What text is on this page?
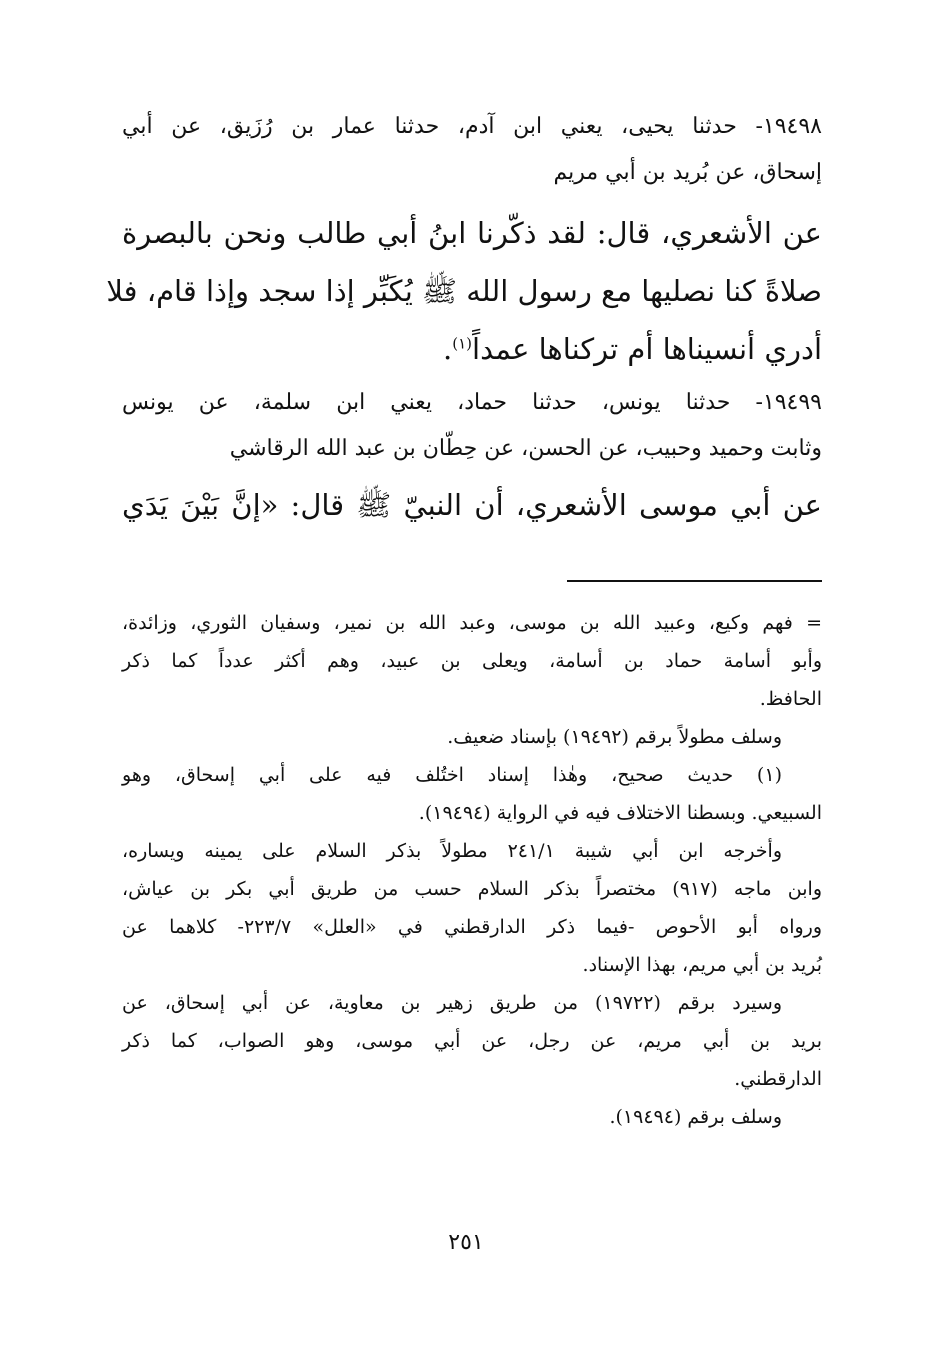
١٩٤٩٨- حدثنا يحيى، يعني ابن آدم، حدثنا عمار بن رُزَيق، عن أبي
إسحاق، عن بُريد بن أبي مريم
عن الأشعري، قال: لقد ذكّرنا ابنُ أبي طالب ونحن بالبصرة
صلاةً كنا نصليها مع رسول الله ﷺ يُكَبِّر إذا سجد وإذا قام، فلا
أدري أنسيناها أم تركناها عمداً$^{(١)}$.
١٩٤٩٩- حدثنا يونس، حدثنا حماد، يعني ابن سلمة، عن يونس
وثابت وحميد وحبيب، عن الحسن، عن حِطّان بن عبد الله الرقاشي
عن أبي موسى الأشعري، أن النبيّ ﷺ قال: «إنَّ بَيْنَ يَدَي
= فهم وكيع، وعبيد الله بن موسى، وعبد الله بن نمير، وسفيان الثوري، وزائدة،
وأبو أسامة حماد بن أسامة، ويعلى بن عبيد، وهم أكثر عدداً كما ذكر
الحافظ.
وسلف مطولاً برقم (١٩٤٩٢) بإسناد ضعيف.
(١) حديث صحيح، وهٰذا إسناد اختُلف فيه على أبي إسحاق، وهو
السبيعي. وبسطنا الاختلاف فيه في الرواية (١٩٤٩٤).
وأخرجه ابن أبي شيبة ٢٤١/١ مطولاً بذكر السلام على يمينه ويساره،
وابن ماجه (٩١٧) مختصراً بذكر السلام حسب من طريق أبي بكر بن عياش،
ورواه أبو الأحوص -فيما ذكر الدارقطني في «العلل» ٢٢٣/٧- كلاهما عن
بُريد بن أبي مريم، بهذا الإسناد.
وسيرد برقم (١٩٧٢٢) من طريق زهير بن معاوية، عن أبي إسحاق، عن
بريد بن أبي مريم، عن رجل، عن أبي موسى، وهو الصواب، كما ذكر
الدارقطني.
وسلف برقم (١٩٤٩٤).
٢٥١
